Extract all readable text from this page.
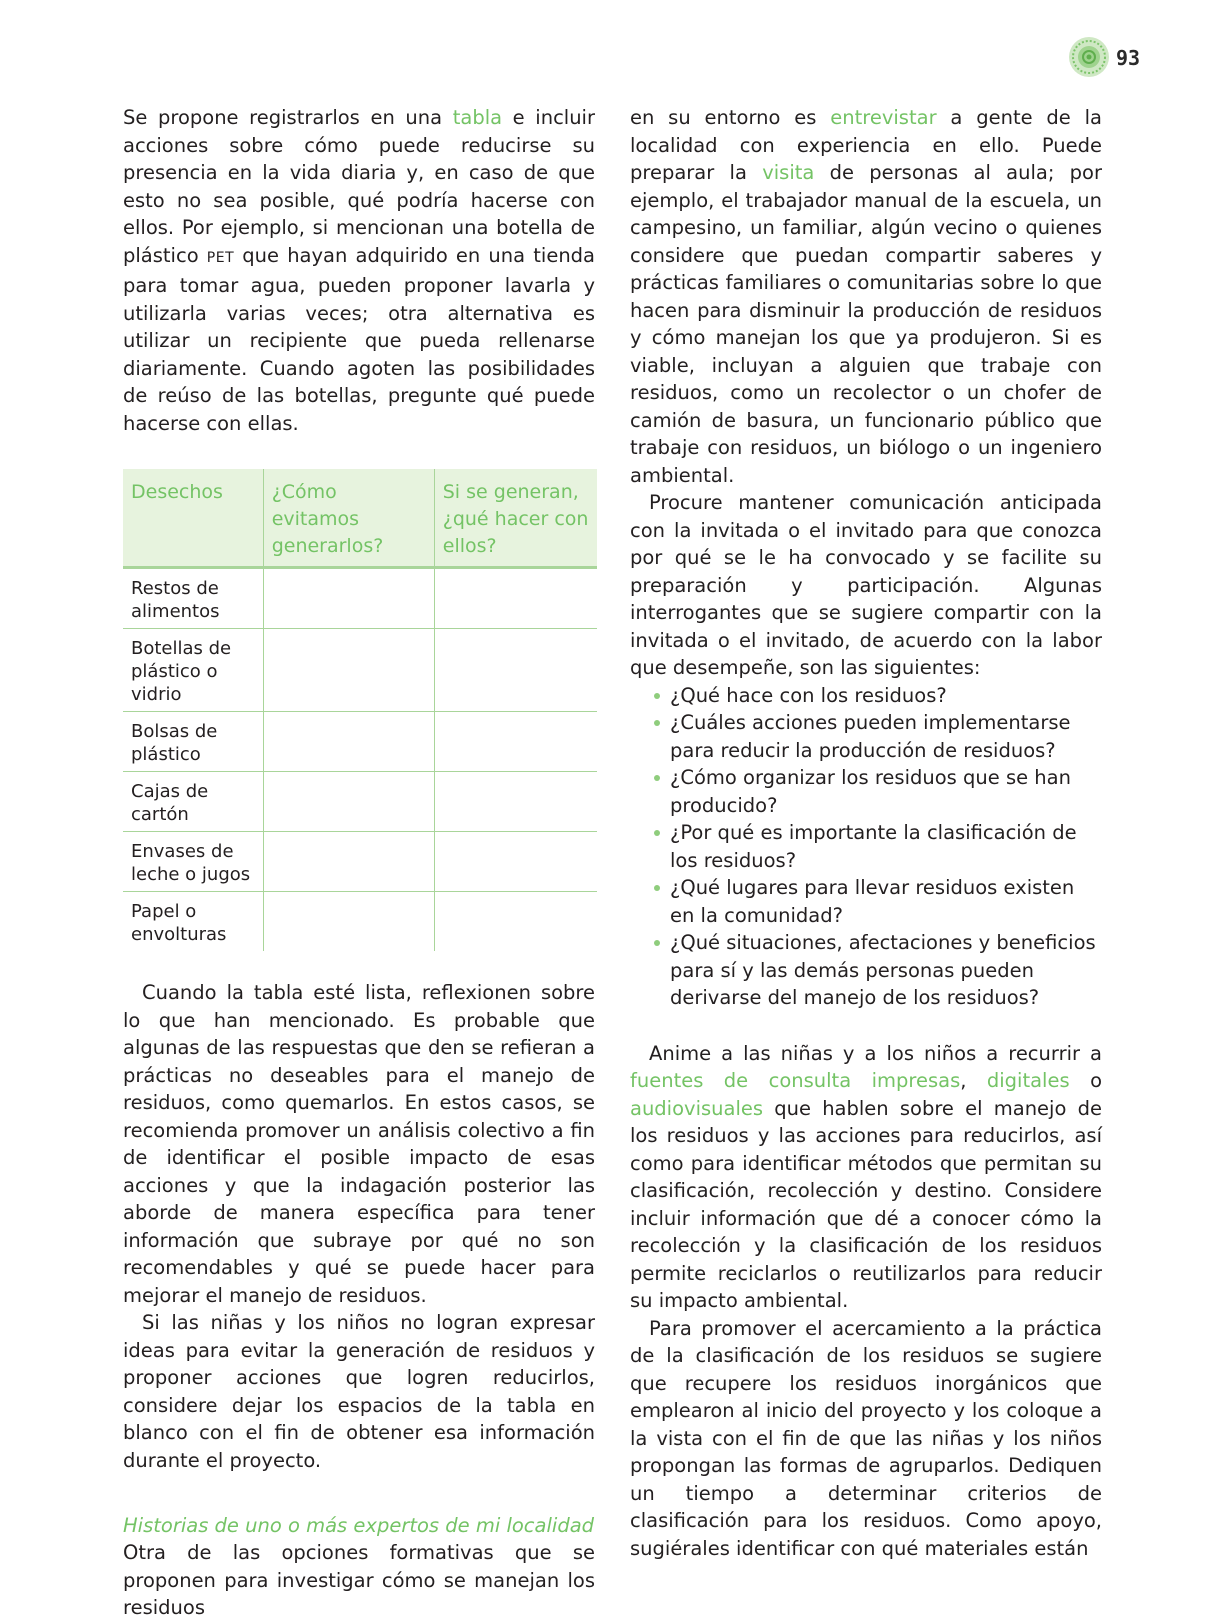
93

Se propone registrarlos en una tabla e incluir acciones sobre cómo puede reducirse su presencia en la vida diaria y, en caso de que esto no sea posible, qué podría hacerse con ellos. Por ejemplo, si mencionan una botella de plástico PET que hayan adquirido en una tienda para tomar agua, pueden proponer lavarla y utilizarla varias veces; otra alternativa es utilizar un recipiente que pueda rellenarse diariamente. Cuando agoten las posibilidades de reúso de las botellas, pregunte qué puede hacerse con ellas.

Desechos	¿Cómo evitamos generarlos?	Si se generan, ¿qué hacer con ellos?
Restos de alimentos		
Botellas de plástico o vidrio		
Bolsas de plástico		
Cajas de cartón		
Envases de leche o jugos		
Papel o envolturas		

Cuando la tabla esté lista, reflexionen sobre lo que han mencionado. Es probable que algunas de las respuestas que den se refieran a prácticas no deseables para el manejo de residuos, como quemarlos. En estos casos, se recomienda promover un análisis colectivo a fin de identificar el posible impacto de esas acciones y que la indagación posterior las aborde de manera específica para tener información que subraye por qué no son recomendables y qué se puede hacer para mejorar el manejo de residuos.

Si las niñas y los niños no logran expresar ideas para evitar la generación de residuos y proponer acciones que logren reducirlos, considere dejar los espacios de la tabla en blanco con el fin de obtener esa información durante el proyecto.

Historias de uno o más expertos de mi localidad

Otra de las opciones formativas que se proponen para investigar cómo se manejan los residuos

en su entorno es entrevistar a gente de la localidad con experiencia en ello. Puede preparar la visita de personas al aula; por ejemplo, el trabajador manual de la escuela, un campesino, un familiar, algún vecino o quienes considere que puedan compartir saberes y prácticas familiares o comunitarias sobre lo que hacen para disminuir la producción de residuos y cómo manejan los que ya produjeron. Si es viable, incluyan a alguien que trabaje con residuos, como un recolector o un chofer de camión de basura, un funcionario público que trabaje con residuos, un biólogo o un ingeniero ambiental.

Procure mantener comunicación anticipada con la invitada o el invitado para que conozca por qué se le ha convocado y se facilite su preparación y participación. Algunas interrogantes que se sugiere compartir con la invitada o el invitado, de acuerdo con la labor que desempeñe, son las siguientes:

¿Qué hace con los residuos?
¿Cuáles acciones pueden implementarse para reducir la producción de residuos?
¿Cómo organizar los residuos que se han producido?
¿Por qué es importante la clasificación de los residuos?
¿Qué lugares para llevar residuos existen en la comunidad?
¿Qué situaciones, afectaciones y beneficios para sí y las demás personas pueden derivarse del manejo de los residuos?

Anime a las niñas y a los niños a recurrir a fuentes de consulta impresas, digitales o audiovisuales que hablen sobre el manejo de los residuos y las acciones para reducirlos, así como para identificar métodos que permitan su clasificación, recolección y destino. Considere incluir información que dé a conocer cómo la recolección y la clasificación de los residuos permite reciclarlos o reutilizarlos para reducir su impacto ambiental.

Para promover el acercamiento a la práctica de la clasificación de los residuos se sugiere que recupere los residuos inorgánicos que emplearon al inicio del proyecto y los coloque a la vista con el fin de que las niñas y los niños propongan las formas de agruparlos. Dediquen un tiempo a determinar criterios de clasificación para los residuos. Como apoyo, sugiérales identificar con qué materiales están
